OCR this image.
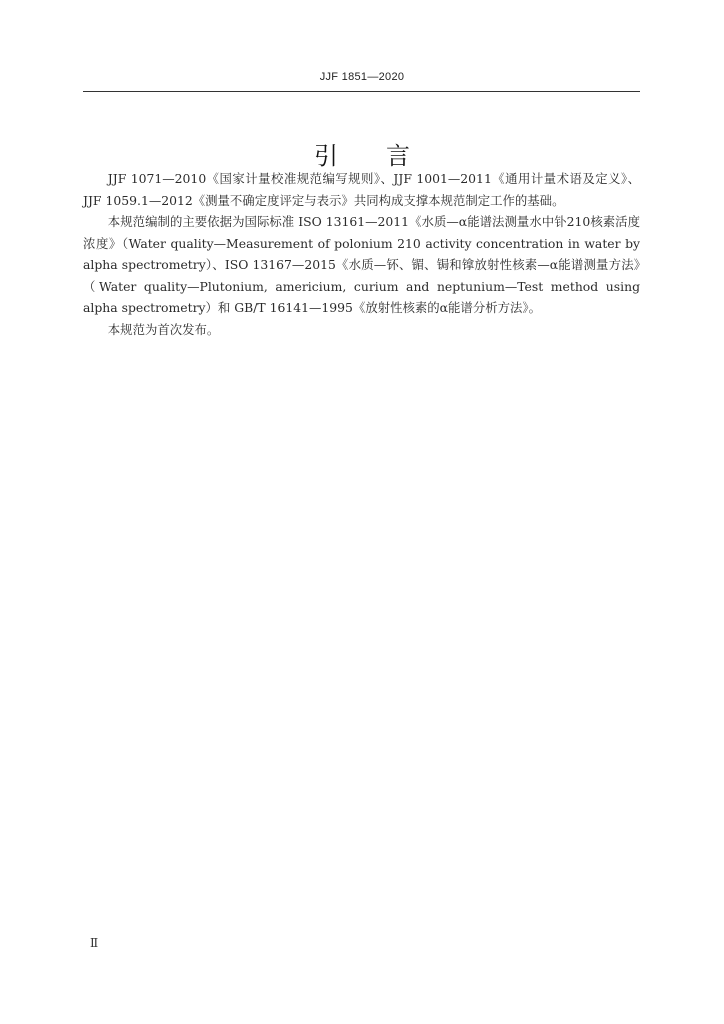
JJF 1851—2020
引 言

JJF 1071—2010《国家计量校准规范编写规则》、JJF 1001—2011《通用计量术语及定义》、JJF 1059.1—2012《测量不确定度评定与表示》共同构成支撑本规范制定工作的基础。

本规范编制的主要依据为国际标准 ISO 13161—2011《水质—α能谱法测量水中钋210核素活度浓度》（Water quality—Measurement of polonium 210 activity concentration in water by alpha spectrometry）、ISO 13167—2015《水质—钚、镅、锔和镎放射性核素—α能谱测量方法》（Water quality—Plutonium, americium, curium and neptunium—Test method using alpha spectrometry）和 GB/T 16141—1995《放射性核素的α能谱分析方法》。

本规范为首次发布。

Ⅱ
